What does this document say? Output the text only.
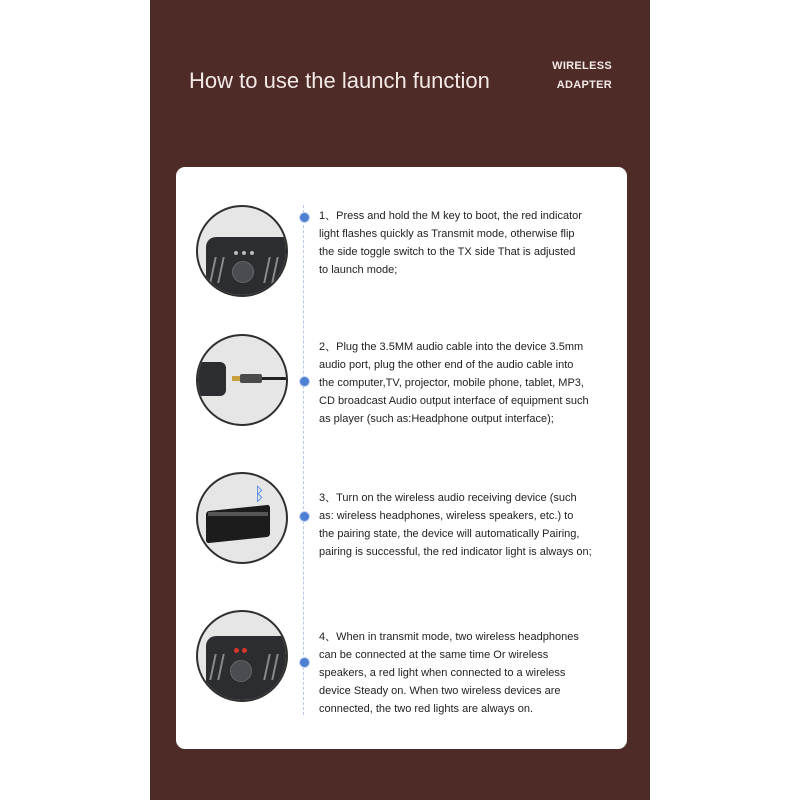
How to use the launch function
WIRELESS
ADAPTER
ᛒ
1、Press and hold the M key to boot, the red indicator
light flashes quickly as Transmit mode, otherwise flip
the side toggle switch to the TX side That is adjusted
to launch mode;
2、Plug the 3.5MM audio cable into the device 3.5mm
audio port, plug the other end of the audio cable into
the computer,TV, projector, mobile phone, tablet, MP3,
CD broadcast Audio output interface of equipment such
as player (such as:Headphone output interface);
3、Turn on the wireless audio receiving device (such
as: wireless headphones, wireless speakers, etc.) to
the pairing state, the device will automatically Pairing,
pairing is successful, the red indicator light is always on;
4、When in transmit mode, two wireless headphones
can be connected at the same time Or wireless
speakers, a red light when connected to a wireless
device Steady on. When two wireless devices are
connected, the two red lights are always on.
